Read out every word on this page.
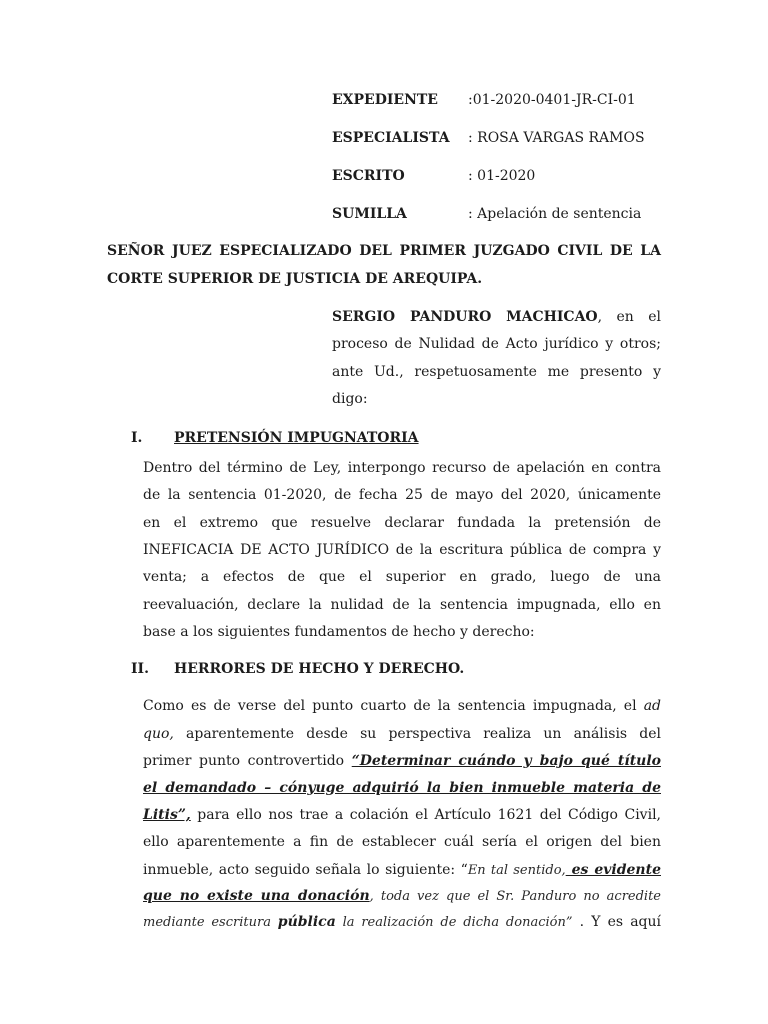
EXPEDIENTE :01-2020-0401-JR-CI-01
ESPECIALISTA : ROSA VARGAS RAMOS
ESCRITO	: 01-2020
SUMILLA	: Apelación de sentencia
SEÑOR JUEZ ESPECIALIZADO DEL PRIMER JUZGADO CIVIL DE LA
CORTE SUPERIOR DE JUSTICIA DE AREQUIPA.
SERGIO PANDURO MACHICAO, en el
proceso de Nulidad de Acto jurídico y otros;
ante Ud., respetuosamente me presento y
digo:
I. PRETENSIÓN IMPUGNATORIA
Dentro del término de Ley, interpongo recurso de apelación en contra
de la sentencia 01-2020, de fecha 25 de mayo del 2020, únicamente
en el extremo que resuelve declarar fundada la pretensión de
INEFICACIA DE ACTO JURÍDICO de la escritura pública de compra y
venta; a efectos de que el superior en grado, luego de una
reevaluación, declare la nulidad de la sentencia impugnada, ello en
base a los siguientes fundamentos de hecho y derecho:
II. HERRORES DE HECHO Y DERECHO.
Como es de verse del punto cuarto de la sentencia impugnada, el ad
quo, aparentemente desde su perspectiva realiza un análisis del
primer punto controvertido “Determinar cuándo y bajo qué título
el demandado – cónyuge adquirió la bien inmueble materia de
Litis”, para ello nos trae a colación el Artículo 1621 del Código Civil,
ello aparentemente a fin de establecer cuál sería el origen del bien
inmueble, acto seguido señala lo siguiente: “En tal sentido, es evidente
que no existe una donación, toda vez que el Sr. Panduro no acredite
mediante escritura pública la realización de dicha donación” . Y es aquí
